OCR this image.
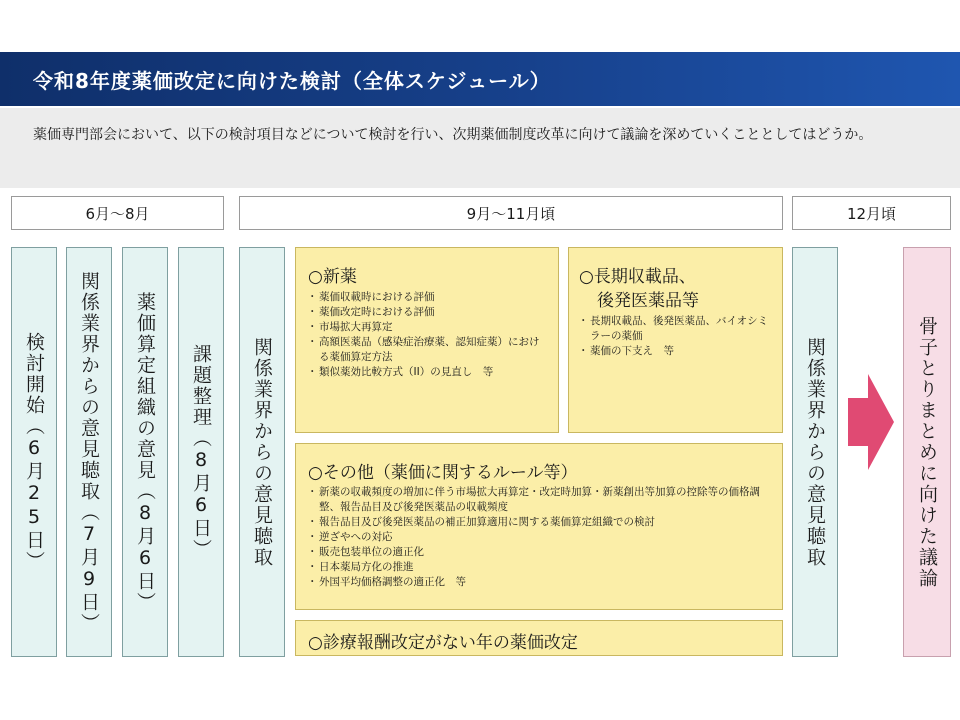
令和8年度薬価改定に向けた検討（全体スケジュール）
薬価専門部会において、以下の検討項目などについて検討を行い、次期薬価制度改革に向けて議論を深めていくこととしてはどうか。
6月～8月	9月～11月頃	12月頃
検討開始（6月25日）	関係業界からの意見聴取（7月9日）	薬価算定組織の意見（8月6日）	課題整理（8月6日）	関係業界からの意見聴取
○新薬
・ 薬価収載時における評価
・ 薬価改定時における評価
・ 市場拡大再算定
・ 高額医薬品（感染症治療薬、認知症薬）における薬価算定方法
・ 類似薬効比較方式（II）の見直し　等
○長期収載品、
後発医薬品等
・ 長期収載品、後発医薬品、バイオシミラーの薬価
・ 薬価の下支え　等
○その他（薬価に関するルール等）
・ 新薬の収載頻度の増加に伴う市場拡大再算定・改定時加算・新薬創出等加算の控除等の価格調整、報告品目及び後発医薬品の収載頻度
・ 報告品目及び後発医薬品の補正加算適用に関する薬価算定組織での検討
・ 逆ざやへの対応
・ 販売包装単位の適正化
・ 日本薬局方化の推進
・ 外国平均価格調整の適正化　等
○診療報酬改定がない年の薬価改定
関係業界からの意見聴取	骨子とりまとめに向けた議論
